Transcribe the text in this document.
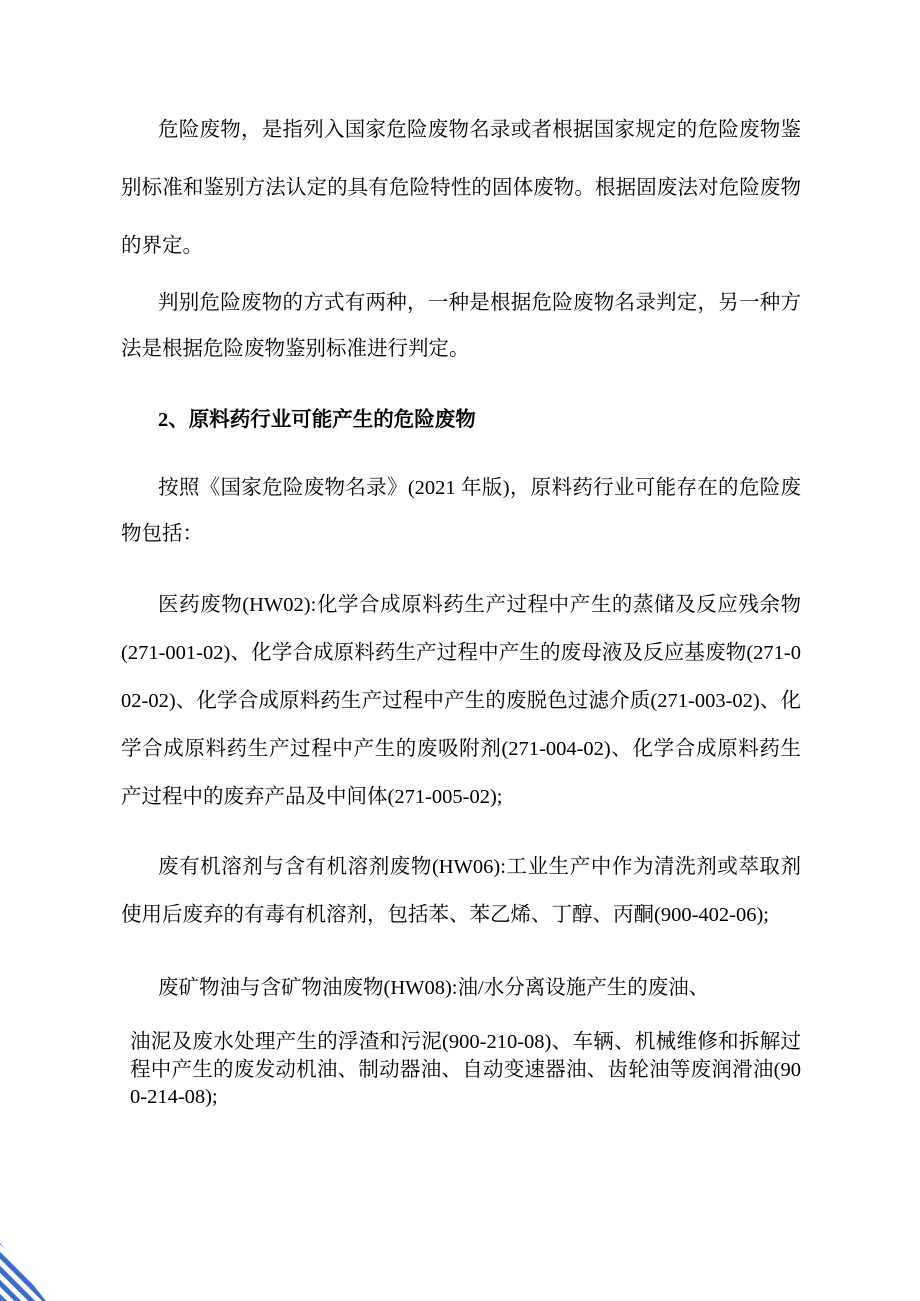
危险废物，是指列入国家危险废物名录或者根据国家规定的危险废物鉴别标准和鉴别方法认定的具有危险特性的固体废物。根据固废法对危险废物的界定。

判别危险废物的方式有两种，一种是根据危险废物名录判定，另一种方法是根据危险废物鉴别标准进行判定。

2、原料药行业可能产生的危险废物

按照《国家危险废物名录》(2021 年版)，原料药行业可能存在的危险废物包括：

医药废物(HW02):化学合成原料药生产过程中产生的蒸储及反应残余物(271-001-02)、化学合成原料药生产过程中产生的废母液及反应基废物(271-002-02)、化学合成原料药生产过程中产生的废脱色过滤介质(271-003-02)、化学合成原料药生产过程中产生的废吸附剂(271-004-02)、化学合成原料药生产过程中的废弃产品及中间体(271-005-02);

废有机溶剂与含有机溶剂废物(HW06):工业生产中作为清洗剂或萃取剂使用后废弃的有毒有机溶剂，包括苯、苯乙烯、丁醇、丙酮(900-402-06);

废矿物油与含矿物油废物(HW08):油/水分离设施产生的废油、

油泥及废水处理产生的浮渣和污泥(900-210-08)、车辆、机械维修和拆解过程中产生的废发动机油、制动器油、自动变速器油、齿轮油等废润滑油(900-214-08);
